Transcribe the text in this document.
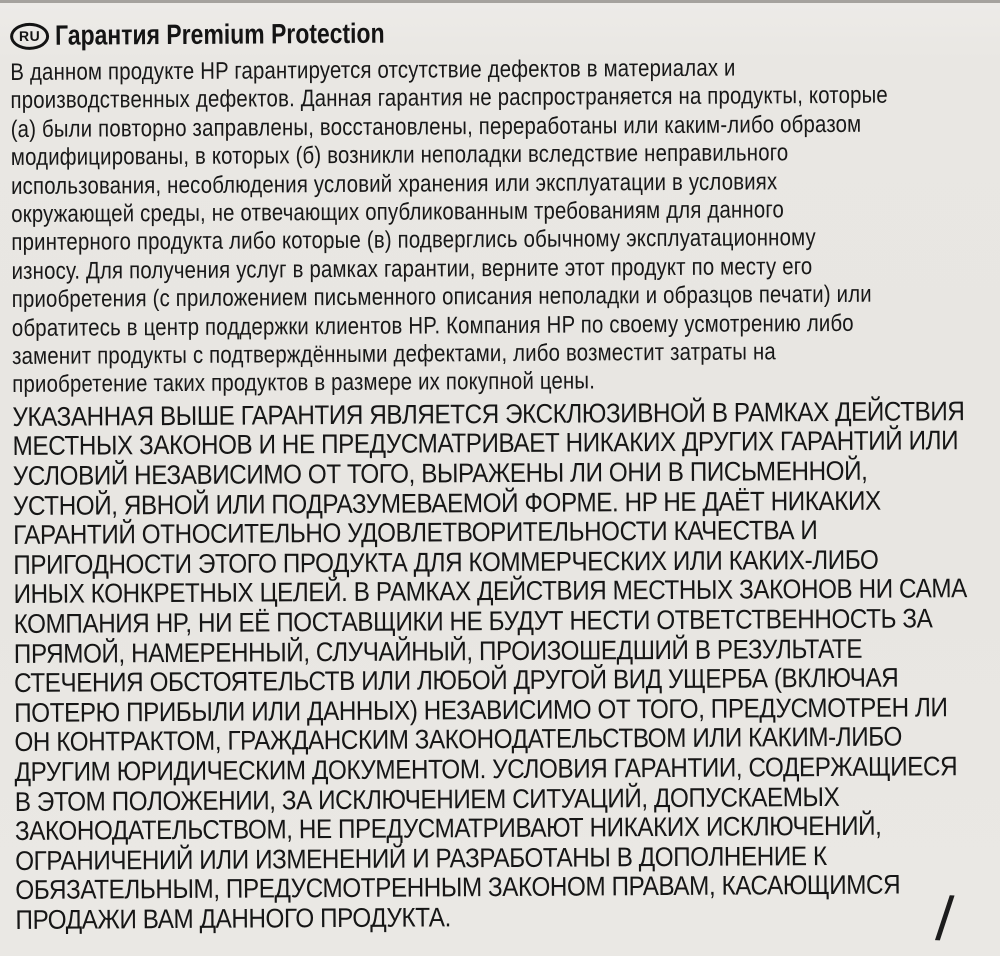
RU Гарантия Premium Protection
В данном продукте HP гарантируется отсутствие дефектов в материалах и
производственных дефектов. Данная гарантия не распространяется на продукты, которые
(а) были повторно заправлены, восстановлены, переработаны или каким-либо образом
модифицированы, в которых (б) возникли неполадки вследствие неправильного
использования, несоблюдения условий хранения или эксплуатации в условиях
окружающей среды, не отвечающих опубликованным требованиям для данного
принтерного продукта либо которые (в) подверглись обычному эксплуатационному
износу. Для получения услуг в рамках гарантии, верните этот продукт по месту его
приобретения (с приложением письменного описания неполадки и образцов печати) или
обратитесь в центр поддержки клиентов HP. Компания HP по своему усмотрению либо
заменит продукты с подтверждёнными дефектами, либо возместит затраты на
приобретение таких продуктов в размере их покупной цены.
УКАЗАННАЯ ВЫШЕ ГАРАНТИЯ ЯВЛЯЕТСЯ ЭКСКЛЮЗИВНОЙ В РАМКАХ ДЕЙСТВИЯ
МЕСТНЫХ ЗАКОНОВ И НЕ ПРЕДУСМАТРИВАЕТ НИКАКИХ ДРУГИХ ГАРАНТИЙ ИЛИ
УСЛОВИЙ НЕЗАВИСИМО ОТ ТОГО, ВЫРАЖЕНЫ ЛИ ОНИ В ПИСЬМЕННОЙ,
УСТНОЙ, ЯВНОЙ ИЛИ ПОДРАЗУМЕВАЕМОЙ ФОРМЕ. HP НЕ ДАЁТ НИКАКИХ
ГАРАНТИЙ ОТНОСИТЕЛЬНО УДОВЛЕТВОРИТЕЛЬНОСТИ КАЧЕСТВА И
ПРИГОДНОСТИ ЭТОГО ПРОДУКТА ДЛЯ КОММЕРЧЕСКИХ ИЛИ КАКИХ-ЛИБО
ИНЫХ КОНКРЕТНЫХ ЦЕЛЕЙ. В РАМКАХ ДЕЙСТВИЯ МЕСТНЫХ ЗАКОНОВ НИ САМА
КОМПАНИЯ HP, НИ ЕЁ ПОСТАВЩИКИ НЕ БУДУТ НЕСТИ ОТВЕТСТВЕННОСТЬ ЗА
ПРЯМОЙ, НАМЕРЕННЫЙ, СЛУЧАЙНЫЙ, ПРОИЗОШЕДШИЙ В РЕЗУЛЬТАТЕ
СТЕЧЕНИЯ ОБСТОЯТЕЛЬСТВ ИЛИ ЛЮБОЙ ДРУГОЙ ВИД УЩЕРБА (ВКЛЮЧАЯ
ПОТЕРЮ ПРИБЫЛИ ИЛИ ДАННЫХ) НЕЗАВИСИМО ОТ ТОГО, ПРЕДУСМОТРЕН ЛИ
ОН КОНТРАКТОМ, ГРАЖДАНСКИМ ЗАКОНОДАТЕЛЬСТВОМ ИЛИ КАКИМ-ЛИБО
ДРУГИМ ЮРИДИЧЕСКИМ ДОКУМЕНТОМ. УСЛОВИЯ ГАРАНТИИ, СОДЕРЖАЩИЕСЯ
В ЭТОМ ПОЛОЖЕНИИ, ЗА ИСКЛЮЧЕНИЕМ СИТУАЦИЙ, ДОПУСКАЕМЫХ
ЗАКОНОДАТЕЛЬСТВОМ, НЕ ПРЕДУСМАТРИВАЮТ НИКАКИХ ИСКЛЮЧЕНИЙ,
ОГРАНИЧЕНИЙ ИЛИ ИЗМЕНЕНИЙ И РАЗРАБОТАНЫ В ДОПОЛНЕНИЕ К
ОБЯЗАТЕЛЬНЫМ, ПРЕДУСМОТРЕННЫМ ЗАКОНОМ ПРАВАМ, КАСАЮЩИМСЯ
ПРОДАЖИ ВАМ ДАННОГО ПРОДУКТА.	/
